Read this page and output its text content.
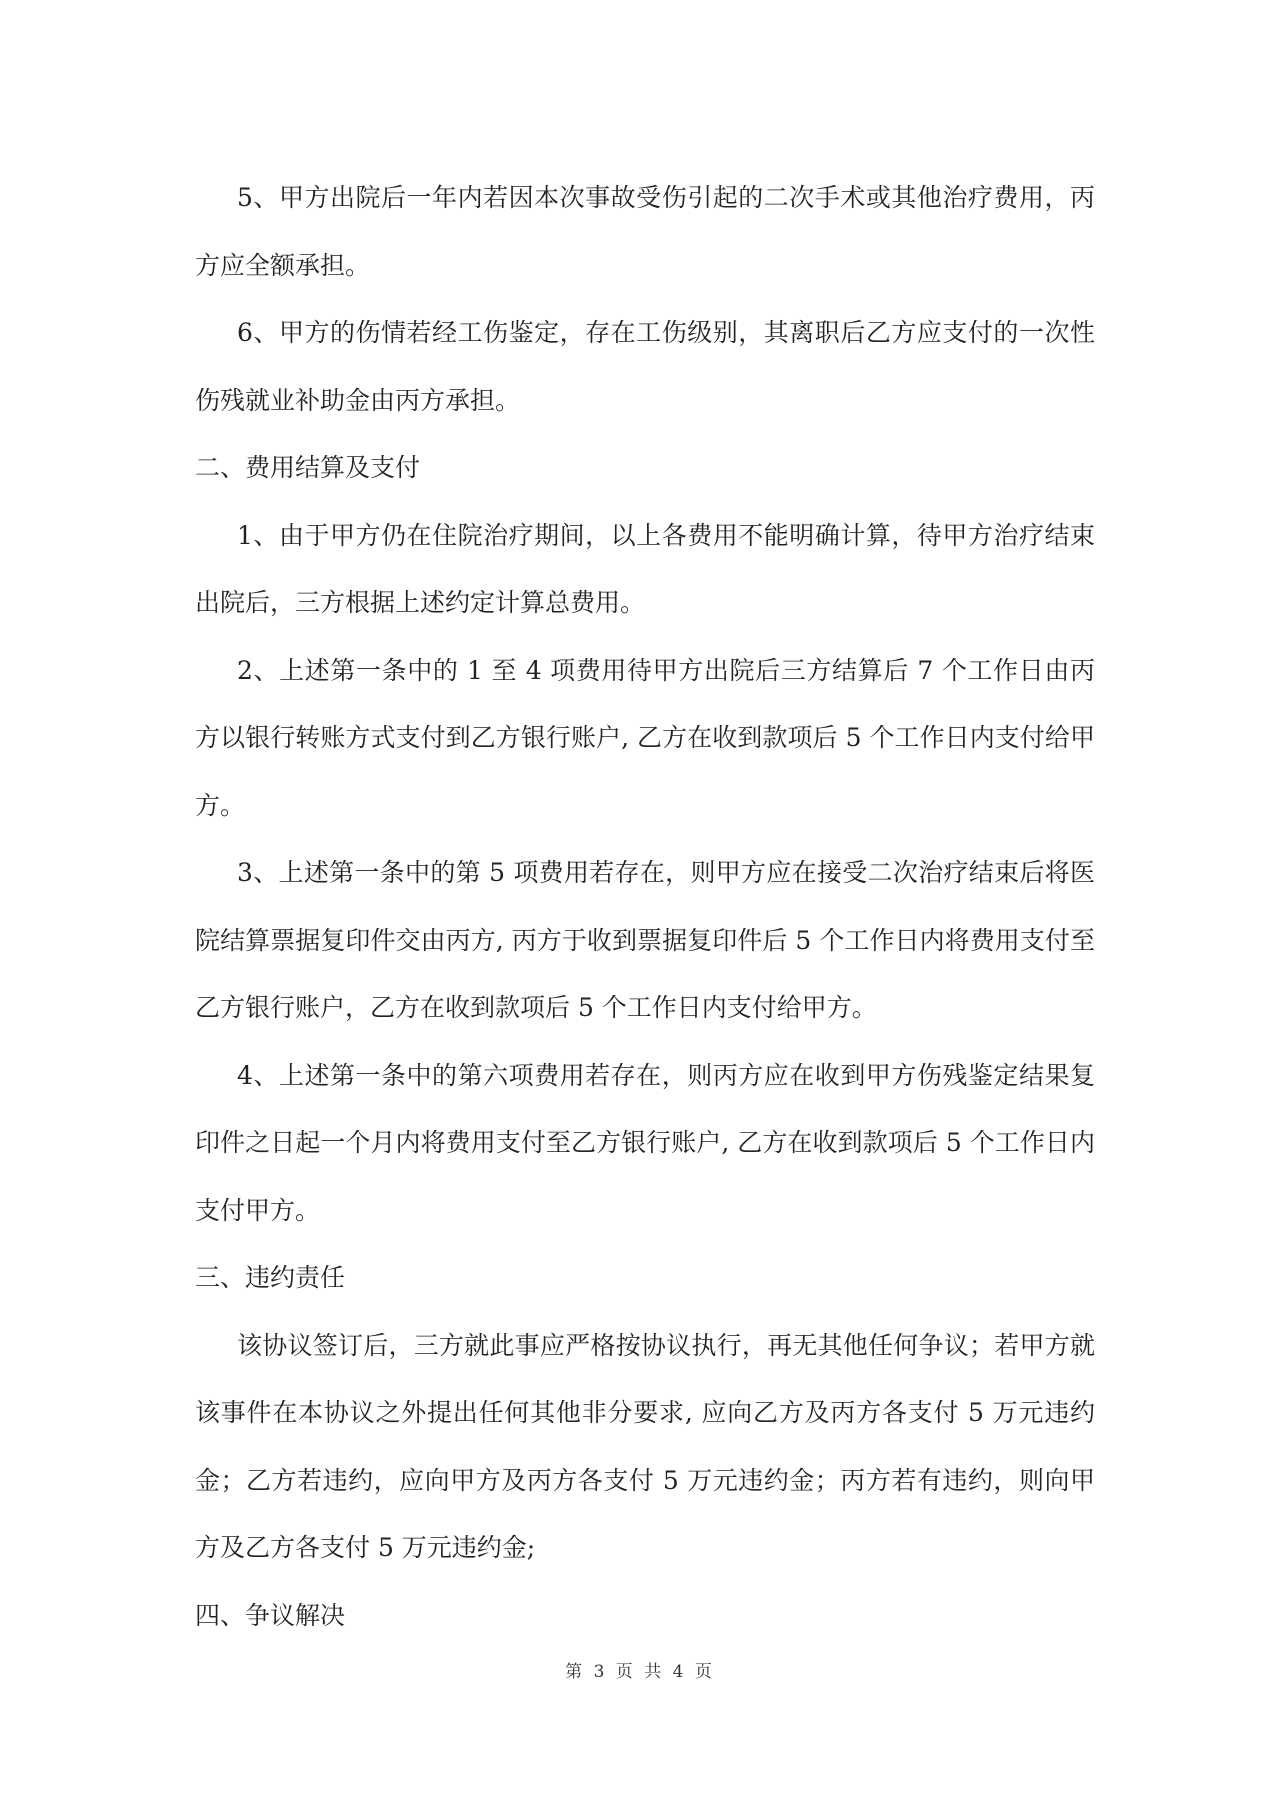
5、甲方出院后一年内若因本次事故受伤引起的二次手术或其他治疗费用，丙方应全额承担。

6、甲方的伤情若经工伤鉴定，存在工伤级别，其离职后乙方应支付的一次性伤残就业补助金由丙方承担。

二、费用结算及支付

1、由于甲方仍在住院治疗期间，以上各费用不能明确计算，待甲方治疗结束出院后，三方根据上述约定计算总费用。

2、上述第一条中的 1 至 4 项费用待甲方出院后三方结算后 7 个工作日由丙方以银行转账方式支付到乙方银行账户, 乙方在收到款项后 5 个工作日内支付给甲方。

3、上述第一条中的第 5 项费用若存在，则甲方应在接受二次治疗结束后将医院结算票据复印件交由丙方, 丙方于收到票据复印件后 5 个工作日内将费用支付至乙方银行账户，乙方在收到款项后 5 个工作日内支付给甲方。

4、上述第一条中的第六项费用若存在，则丙方应在收到甲方伤残鉴定结果复印件之日起一个月内将费用支付至乙方银行账户, 乙方在收到款项后 5 个工作日内支付甲方。

三、违约责任

该协议签订后，三方就此事应严格按协议执行，再无其他任何争议；若甲方就该事件在本协议之外提出任何其他非分要求, 应向乙方及丙方各支付 5 万元违约金；乙方若违约，应向甲方及丙方各支付 5 万元违约金；丙方若有违约，则向甲方及乙方各支付 5 万元违约金;

四、争议解决

第 3 页 共 4 页
